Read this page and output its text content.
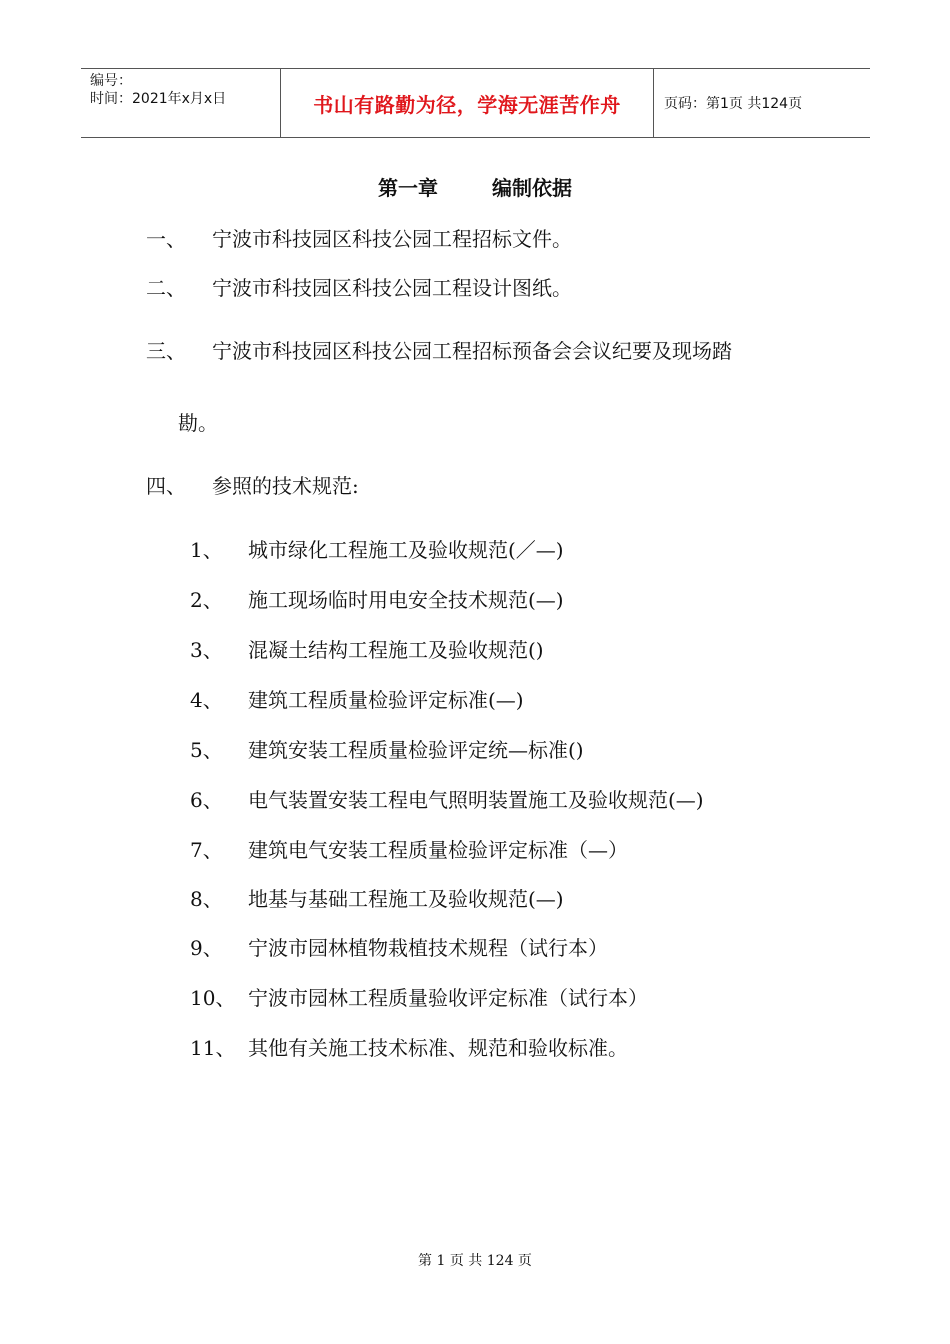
编号：
时间：2021年x月x日	书山有路勤为径，学海无涯苦作舟	页码：第1页 共124页
第一章	编制依据
一、 宁波市科技园区科技公园工程招标文件。
二、 宁波市科技园区科技公园工程设计图纸。
三、 宁波市科技园区科技公园工程招标预备会会议纪要及现场踏
勘。
四、 参照的技术规范:
1、 城市绿化工程施工及验收规范(／—)
2、 施工现场临时用电安全技术规范(—)
3、 混凝土结构工程施工及验收规范()
4、 建筑工程质量检验评定标准(—)
5、 建筑安装工程质量检验评定统—标准()
6、 电气装置安装工程电气照明装置施工及验收规范(—)
7、 建筑电气安装工程质量检验评定标准（—）
8、 地基与基础工程施工及验收规范(—)
9、 宁波市园林植物栽植技术规程（试行本）
10、 宁波市园林工程质量验收评定标准（试行本）
11、 其他有关施工技术标准、规范和验收标准。
第 1 页 共 124 页
